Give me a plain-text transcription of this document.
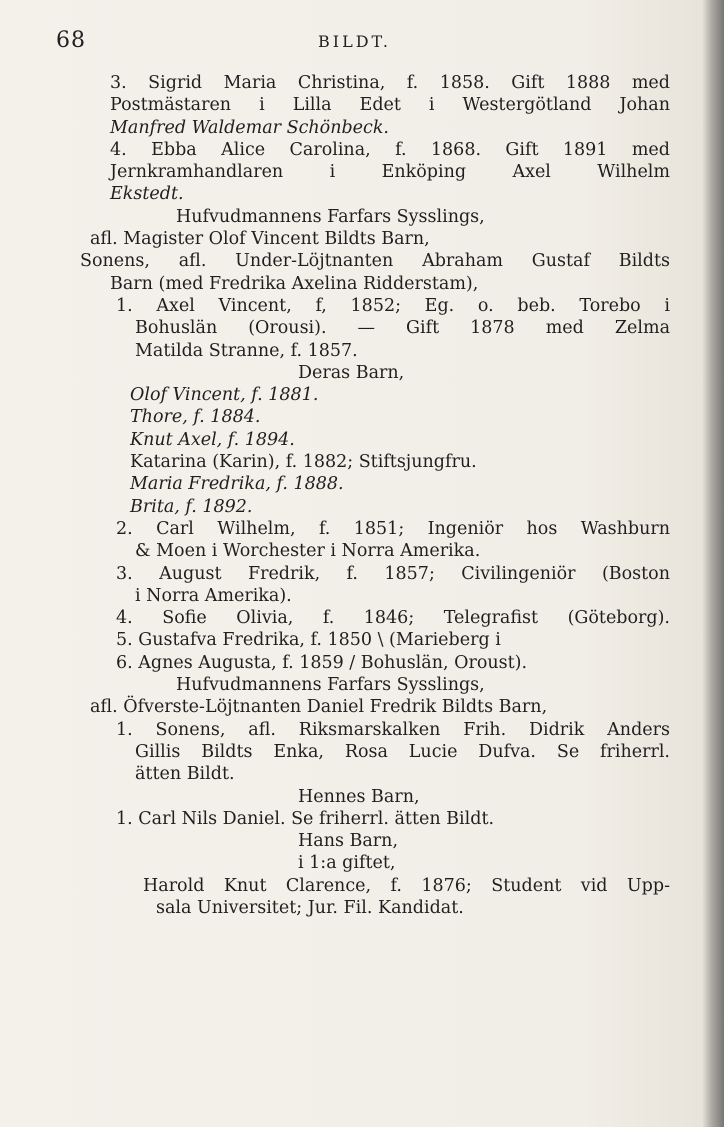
68	BILDT.
3. Sigrid Maria Christina, f. 1858. Gift 1888 med
Postmästaren i Lilla Edet i Westergötland Johan
Manfred Waldemar Schönbeck.
4. Ebba Alice Carolina, f. 1868. Gift 1891 med
Jernkramhandlaren i Enköping Axel Wilhelm
Ekstedt.
Hufvudmannens Farfars Sysslings,
afl. Magister Olof Vincent Bildts Barn,
Sonens, afl. Under-Löjtnanten Abraham Gustaf Bildts
Barn (med Fredrika Axelina Ridderstam),
1. Axel Vincent, f, 1852; Eg. o. beb. Torebo i
Bohuslän (Orousi). — Gift 1878 med Zelma
Matilda Stranne, f. 1857.
Deras Barn,
Olof Vincent, f. 1881.
Thore, f. 1884.
Knut Axel, f. 1894.
Katarina (Karin), f. 1882; Stiftsjungfru.
Maria Fredrika, f. 1888.
Brita, f. 1892.
2. Carl Wilhelm, f. 1851; Ingeniör hos Washburn
& Moen i Worchester i Norra Amerika.
3. August Fredrik, f. 1857; Civilingeniör (Boston
i Norra Amerika).
4. Sofie Olivia, f. 1846; Telegrafist (Göteborg).
5. Gustafva Fredrika, f. 1850 \ (Marieberg i
6. Agnes Augusta, f. 1859 / Bohuslän, Oroust).
Hufvudmannens Farfars Sysslings,
afl. Öfverste-Löjtnanten Daniel Fredrik Bildts Barn,
1. Sonens, afl. Riksmarskalken Frih. Didrik Anders
Gillis Bildts Enka, Rosa Lucie Dufva. Se friherrl.
ätten Bildt.
Hennes Barn,
1. Carl Nils Daniel. Se friherrl. ätten Bildt.
Hans Barn,
i 1:a giftet,
Harold Knut Clarence, f. 1876; Student vid Upp-
sala Universitet; Jur. Fil. Kandidat.
